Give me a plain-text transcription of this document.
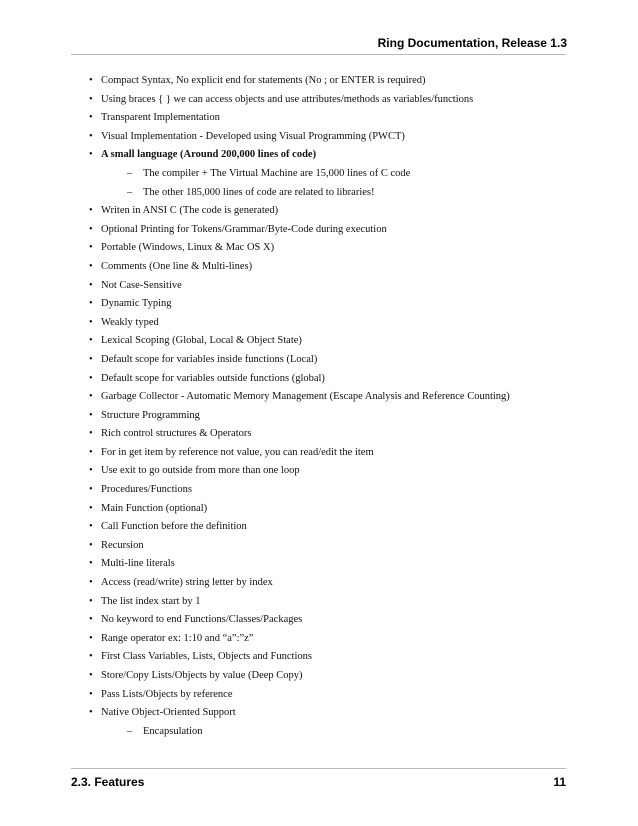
Ring Documentation, Release 1.3
• Compact Syntax, No explicit end for statements (No ; or ENTER is required)
• Using braces { } we can access objects and use attributes/methods as variables/functions
• Transparent Implementation
• Visual Implementation - Developed using Visual Programming (PWCT)
• A small language (Around 200,000 lines of code)
– The compiler + The Virtual Machine are 15,000 lines of C code
– The other 185,000 lines of code are related to libraries!
• Writen in ANSI C (The code is generated)
• Optional Printing for Tokens/Grammar/Byte-Code during execution
• Portable (Windows, Linux & Mac OS X)
• Comments (One line & Multi-lines)
• Not Case-Sensitive
• Dynamic Typing
• Weakly typed
• Lexical Scoping (Global, Local & Object State)
• Default scope for variables inside functions (Local)
• Default scope for variables outside functions (global)
• Garbage Collector - Automatic Memory Management (Escape Analysis and Reference Counting)
• Structure Programming
• Rich control structures & Operators
• For in get item by reference not value, you can read/edit the item
• Use exit to go outside from more than one loop
• Procedures/Functions
• Main Function (optional)
• Call Function before the definition
• Recursion
• Multi-line literals
• Access (read/write) string letter by index
• The list index start by 1
• No keyword to end Functions/Classes/Packages
• Range operator ex: 1:10 and “a”:”z”
• First Class Variables, Lists, Objects and Functions
• Store/Copy Lists/Objects by value (Deep Copy)
• Pass Lists/Objects by reference
• Native Object-Oriented Support
– Encapsulation
2.3. Features	11
